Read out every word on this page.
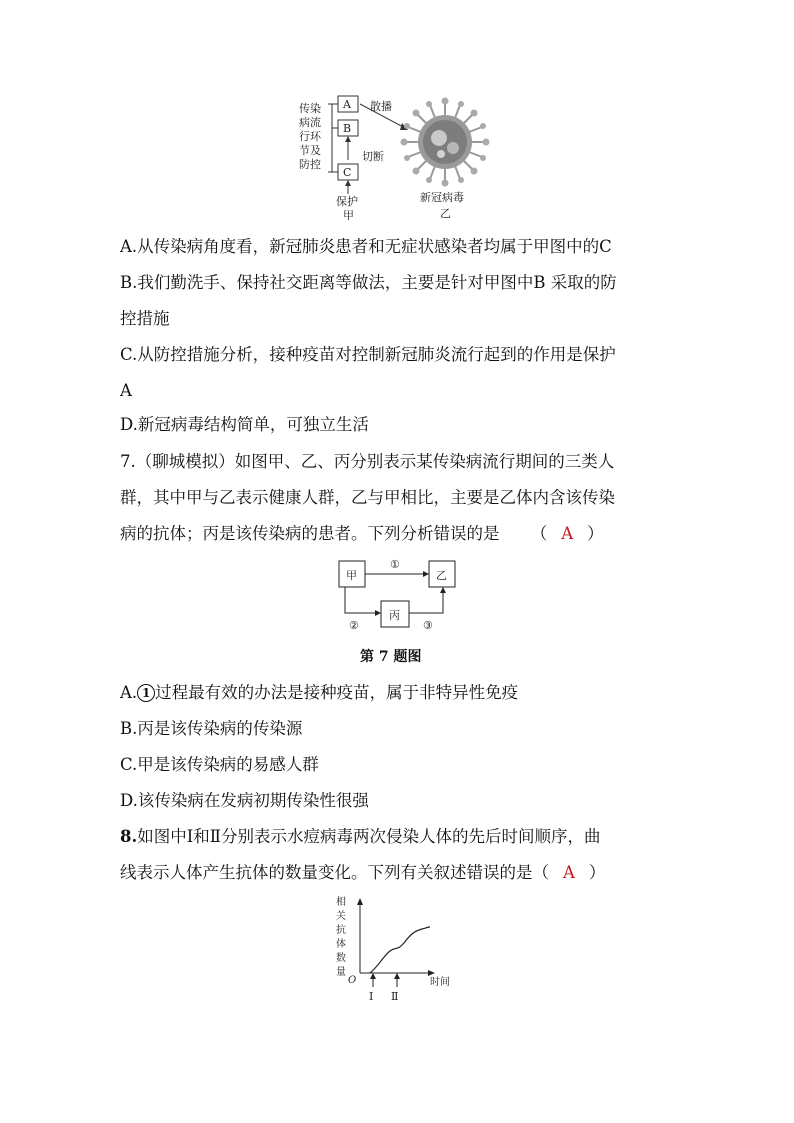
传染
病流
行环
节及
防控
A
B
C
切断
保护
甲
散播
新冠病毒
乙
A.从传染病角度看，新冠肺炎患者和无症状感染者均属于甲图中的C
B.我们勤洗手、保持社交距离等做法，主要是针对甲图中B 采取的防
控措施
C.从防控措施分析，接种疫苗对控制新冠肺炎流行起到的作用是保护
A
D.新冠病毒结构简单，可独立生活
7.（聊城模拟）如图甲、乙、丙分别表示某传染病流行期间的三类人
群，其中甲与乙表示健康人群，乙与甲相比，主要是乙体内含该传染
病的抗体；丙是该传染病的患者。下列分析错误的是 （ A ）
甲	乙
丙
①
②	③
第 7 题图
A. 1 过程最有效的办法是接种疫苗，属于非特异性免疫
B.丙是该传染病的传染源
C.甲是该传染病的易感人群
D.该传染病在发病初期传染性很强
8.如图中Ⅰ和Ⅱ分别表示水痘病毒两次侵染人体的先后时间顺序，曲
线表示人体产生抗体的数量变化。下列有关叙述错误的是（ A ）
相
关
抗
体
数
量
O	时间
Ⅰ Ⅱ
